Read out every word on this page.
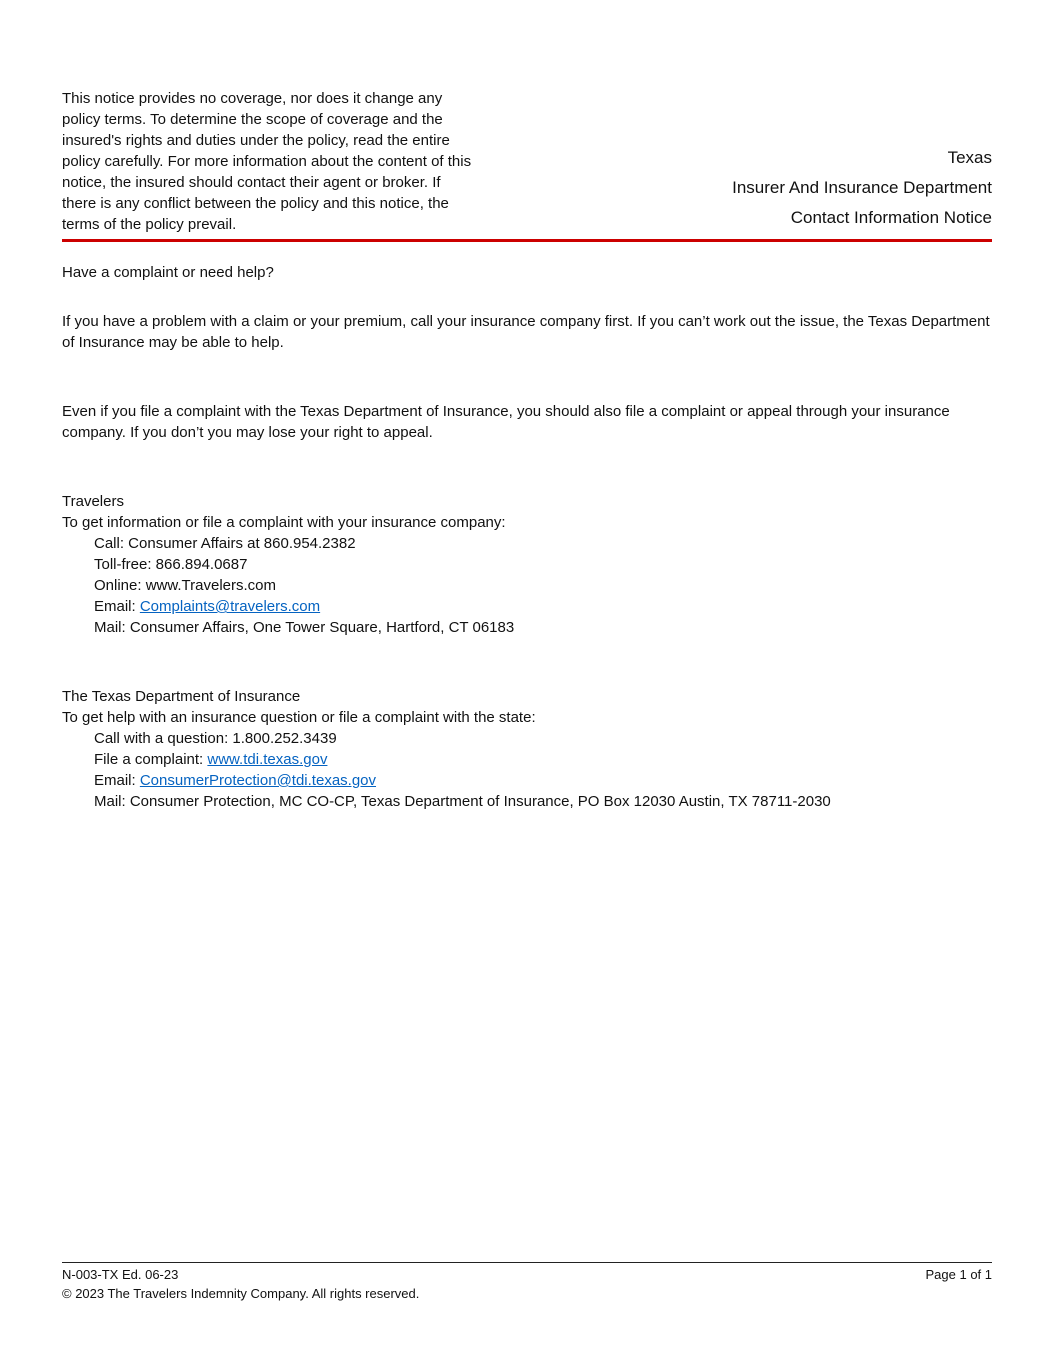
This notice provides no coverage, nor does it change any policy terms. To determine the scope of coverage and the insured's rights and duties under the policy, read the entire policy carefully. For more information about the content of this notice, the insured should contact their agent or broker. If there is any conflict between the policy and this notice, the terms of the policy prevail.
Texas
Insurer And Insurance Department
Contact Information Notice
Have a complaint or need help?
If you have a problem with a claim or your premium, call your insurance company first. If you can’t work out the issue, the Texas Department of Insurance may be able to help.
Even if you file a complaint with the Texas Department of Insurance, you should also file a complaint or appeal through your insurance company. If you don’t you may lose your right to appeal.
Travelers
To get information or file a complaint with your insurance company:
Call: Consumer Affairs at 860.954.2382
Toll-free: 866.894.0687
Online: www.Travelers.com
Email: Complaints@travelers.com
Mail: Consumer Affairs, One Tower Square, Hartford, CT 06183
The Texas Department of Insurance
To get help with an insurance question or file a complaint with the state:
Call with a question: 1.800.252.3439
File a complaint: www.tdi.texas.gov
Email: ConsumerProtection@tdi.texas.gov
Mail: Consumer Protection, MC CO-CP, Texas Department of Insurance, PO Box 12030 Austin, TX 78711-2030
N-003-TX Ed. 06-23	Page 1 of 1
© 2023 The Travelers Indemnity Company. All rights reserved.
